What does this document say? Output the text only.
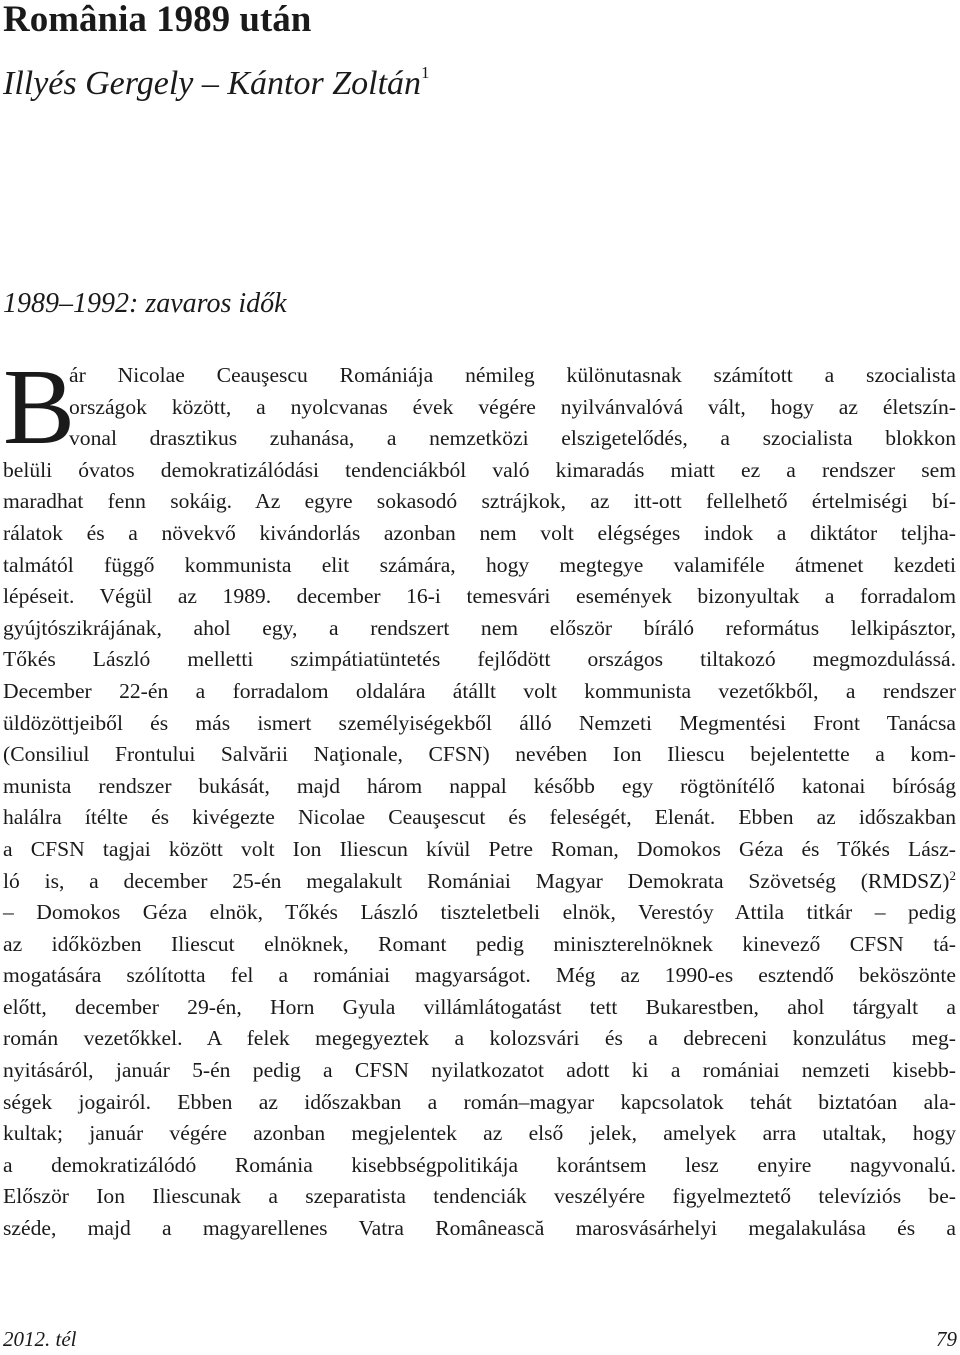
România 1989 után
Illyés Gergely – Kántor Zoltán$^1$
1989–1992: zavaros idők
B
ár Nicolae Ceauşescu Romániája némileg különutasnak számított a szocialista
országok között, a nyolcvanas évek végére nyilvánvalóvá vált, hogy az életszín-
vonal drasztikus zuhanása, a nemzetközi elszigetelődés, a szocialista blokkon
belüli óvatos demokratizálódási tendenciákból való kimaradás miatt ez a rendszer sem
maradhat fenn sokáig. Az egyre sokasodó sztrájkok, az itt-ott fellelhető értelmiségi bí-
rálatok és a növekvő kivándorlás azonban nem volt elégséges indok a diktátor teljha-
talmától függő kommunista elit számára, hogy megtegye valamiféle átmenet kezdeti
lépéseit. Végül az 1989. december 16-i temesvári események bizonyultak a forradalom
gyújtószikrájának, ahol egy, a rendszert nem először bíráló református lelkipásztor,
Tőkés László melletti szimpátiatüntetés fejlődött országos tiltakozó megmozdulássá.
December 22-én a forradalom oldalára átállt volt kommunista vezetőkből, a rendszer
üldözöttjeiből és más ismert személyiségekből álló Nemzeti Megmentési Front Tanácsa
(Consiliul Frontului Salvării Naţionale, CFSN) nevében Ion Iliescu bejelentette a kom-
munista rendszer bukását, majd három nappal később egy rögtönítélő katonai bíróság
halálra ítélte és kivégezte Nicolae Ceauşescut és feleségét, Elenát. Ebben az időszakban
a CFSN tagjai között volt Ion Iliescun kívül Petre Roman, Domokos Géza és Tőkés Lász-
ló is, a december 25-én megalakult Romániai Magyar Demokrata Szövetség (RMDSZ)$^2$
– Domokos Géza elnök, Tőkés László tiszteletbeli elnök, Verestóy Attila titkár – pedig
az időközben Iliescut elnöknek, Romant pedig miniszterelnöknek kinevező CFSN tá-
mogatására szólította fel a romániai magyarságot. Még az 1990-es esztendő beköszönte
előtt, december 29-én, Horn Gyula villámlátogatást tett Bukarestben, ahol tárgyalt a
román vezetőkkel. A felek megegyeztek a kolozsvári és a debreceni konzulátus meg-
nyitásáról, január 5-én pedig a CFSN nyilatkozatot adott ki a romániai nemzeti kisebb-
ségek jogairól. Ebben az időszakban a román–magyar kapcsolatok tehát biztatóan ala-
kultak; január végére azonban megjelentek az első jelek, amelyek arra utaltak, hogy
a demokratizálódó Románia kisebbségpolitikája korántsem lesz enyire nagyvonalú.
Először Ion Iliescunak a szeparatista tendenciák veszélyére figyelmeztető televíziós be-
széde, majd a magyarellenes Vatra Românească marosvásárhelyi megalakulása és a
2012. tél	79
